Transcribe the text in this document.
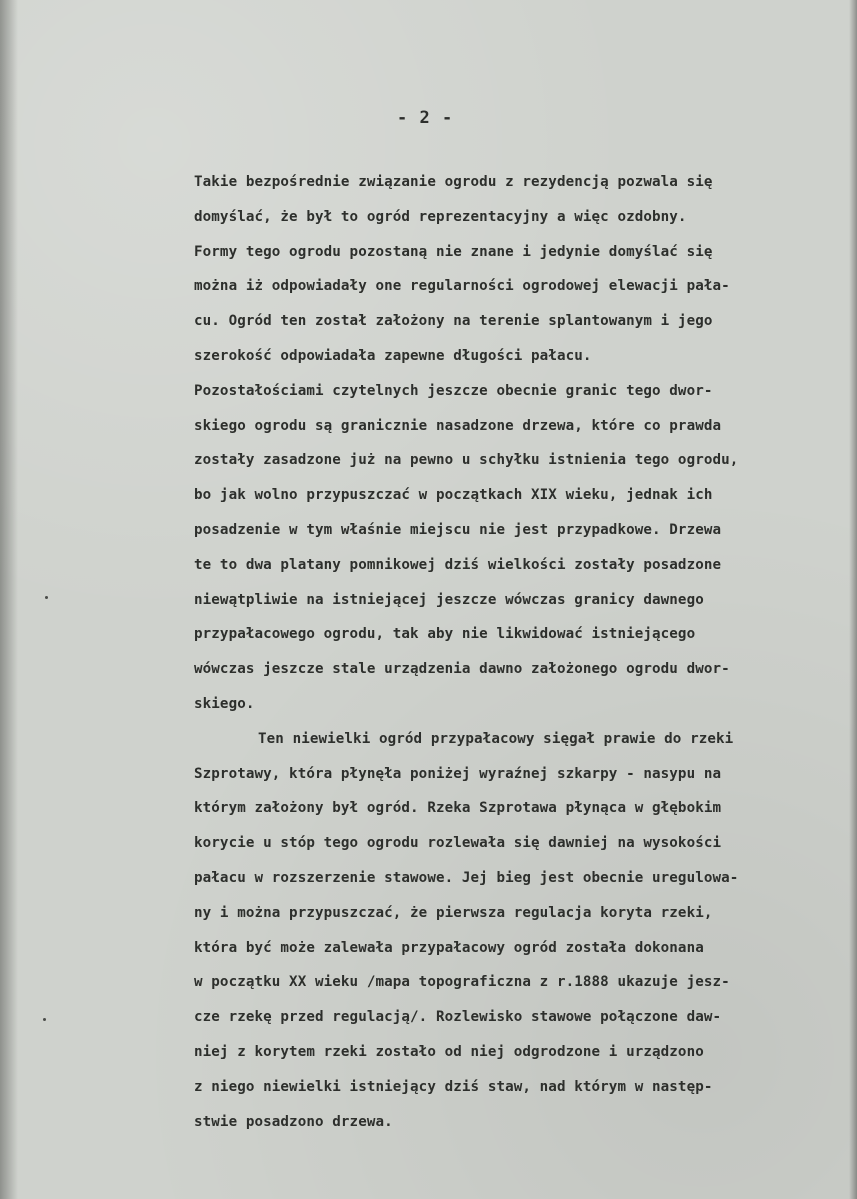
- 2 -

Takie bezpośrednie związanie ogrodu z rezydencją pozwala się
domyślać, że był to ogród reprezentacyjny a więc ozdobny.
Formy tego ogrodu pozostaną nie znane i jedynie domyślać się
można iż odpowiadały one regularności ogrodowej elewacji pała-
cu. Ogród ten został założony na terenie splantowanym i jego
szerokość odpowiadała zapewne długości pałacu.
Pozostałościami czytelnych jeszcze obecnie granic tego dwor-
skiego ogrodu są granicznie nasadzone drzewa, które co prawda
zostały zasadzone już na pewno u schyłku istnienia tego ogrodu,
bo jak wolno przypuszczać w początkach XIX wieku, jednak ich
posadzenie w tym właśnie miejscu nie jest przypadkowe. Drzewa
te to dwa platany pomnikowej dziś wielkości zostały posadzone
niewątpliwie na istniejącej jeszcze wówczas granicy dawnego
przypałacowego ogrodu, tak aby nie likwidować istniejącego
wówczas jeszcze stale urządzenia dawno założonego ogrodu dwor-
skiego.
Ten niewielki ogród przypałacowy sięgał prawie do rzeki
Szprotawy, która płynęła poniżej wyraźnej szkarpy - nasypu na
którym założony był ogród. Rzeka Szprotawa płynąca w głębokim
korycie u stóp tego ogrodu rozlewała się dawniej na wysokości
pałacu w rozszerzenie stawowe. Jej bieg jest obecnie uregulowa-
ny i można przypuszczać, że pierwsza regulacja koryta rzeki,
która być może zalewała przypałacowy ogród została dokonana
w początku XX wieku /mapa topograficzna z r.1888 ukazuje jesz-
cze rzekę przed regulacją/. Rozlewisko stawowe połączone daw-
niej z korytem rzeki zostało od niej odgrodzone i urządzono
z niego niewielki istniejący dziś staw, nad którym w następ-
stwie posadzono drzewa.
